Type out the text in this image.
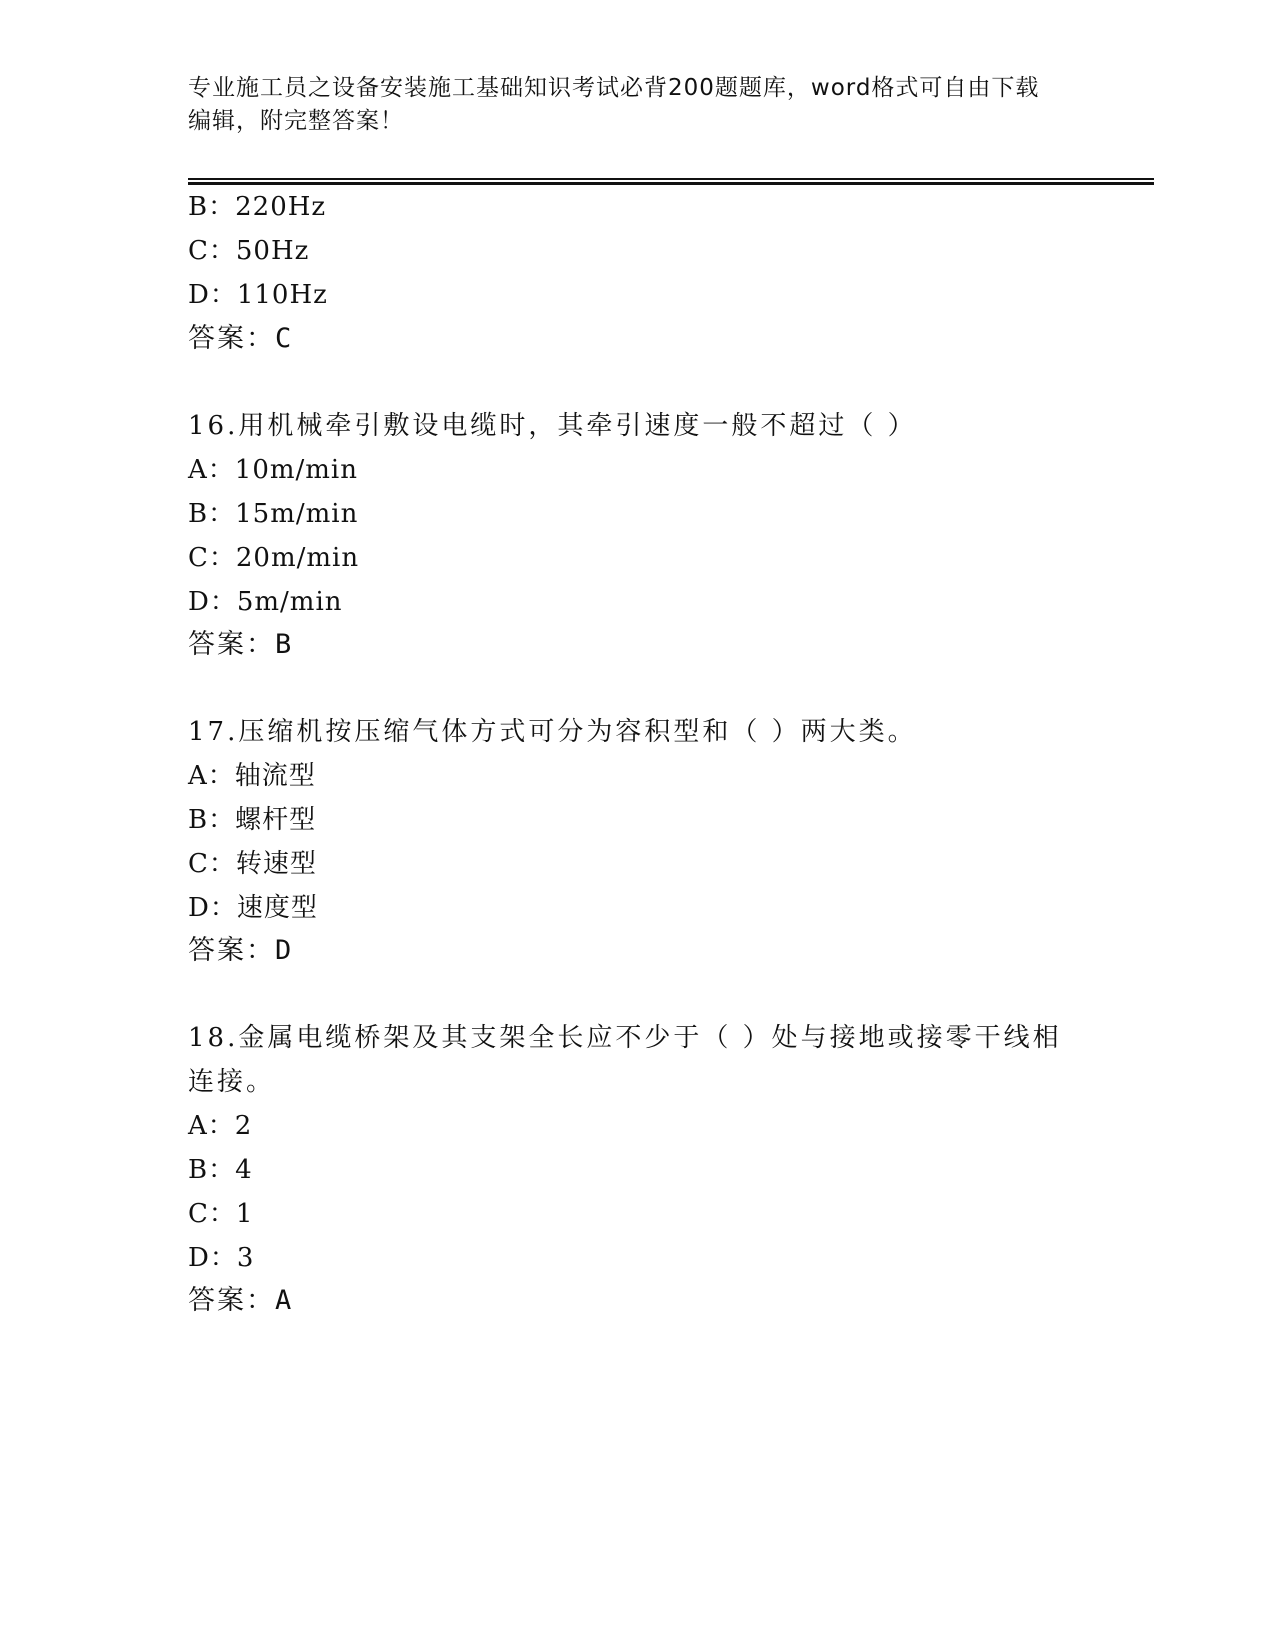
专业施工员之设备安装施工基础知识考试必背200题题库，word格式可自由下载
编辑，附完整答案！
B：220Hz
C：50Hz
D：110Hz
答案：C
16.用机械牵引敷设电缆时，其牵引速度一般不超过（ ）
A：10m/min
B：15m/min
C：20m/min
D：5m/min
答案：B
17.压缩机按压缩气体方式可分为容积型和（ ）两大类。
A：轴流型
B：螺杆型
C：转速型
D：速度型
答案：D
18.金属电缆桥架及其支架全长应不少于（ ）处与接地或接零干线相
连接。
A：2
B：4
C：1
D：3
答案：A
